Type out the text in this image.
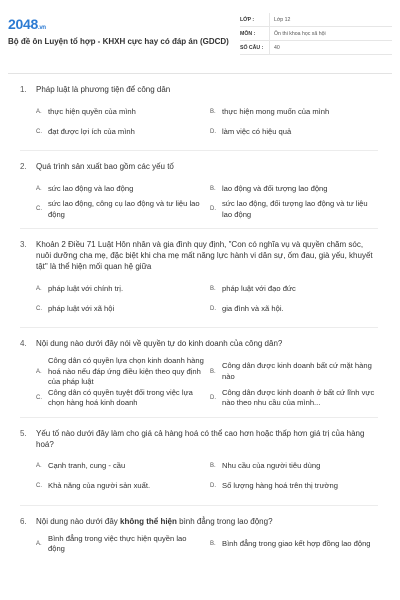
2048.vn
Bộ đề ôn Luyện tổ hợp - KHXH cực hay có đáp án (GDCD)
LỚP :	Lớp 12
MÔN :	Ôn thi khoa học xã hội
SỐ CÂU :	40
1.	Pháp luật là phương tiện để công dân
A. thực hiện quyền của mình	B. thực hiện mong muốn của mình
C. đạt được lợi ích của mình	D. làm việc có hiệu quả
2.	Quá trình sản xuất bao gồm các yếu tố
A. sức lao động và lao động	B. lao động và đối tượng lao động
C.
sức lao động, công cụ lao động và tư liệu lao động
D.
sức lao động, đối tượng lao động và tư liệu lao động
3.	Khoản 2 Điều 71 Luật Hôn nhân và gia đình quy định, "Con có nghĩa vụ và quyền chăm sóc, nuôi dưỡng cha mẹ, đặc biệt khi cha mẹ mất năng lực hành vi dân sự, ốm đau, già yếu, khuyết tật" là thể hiện mối quan hệ giữa
A. pháp luật với chính trị.	B. pháp luật với đạo đức
C. pháp luật với xã hội	D. gia đình và xã hội.
4.	Nội dung nào dưới đây nói về quyền tự do kinh doanh của công dân?
A.
Công dân có quyền lựa chọn kinh doanh hàng hoá nào nếu đáp ứng điều kiện theo quy định của pháp luật
B.
Công dân được kinh doanh bất cứ mặt hàng nào
C.
Công dân có quyền tuyệt đối trong việc lựa chọn hàng hoá kinh doanh
D.
Công dân được kinh doanh ở bất cứ lĩnh vực nào theo nhu cầu của mình...
5.	Yếu tố nào dưới đây làm cho giá cả hàng hoá có thể cao hơn hoặc thấp hơn giá trị của hàng hoá?
A. Cạnh tranh, cung - cầu	B. Nhu cầu của người tiêu dùng
C. Khả năng của người sản xuất.	D. Số lượng hàng hoá trên thị trường
6.	Nội dung nào dưới đây không thể hiện bình đẳng trong lao động?
A.
Bình đẳng trong việc thực hiện quyền lao động
B. Bình đẳng trong giao kết hợp đồng lao động
